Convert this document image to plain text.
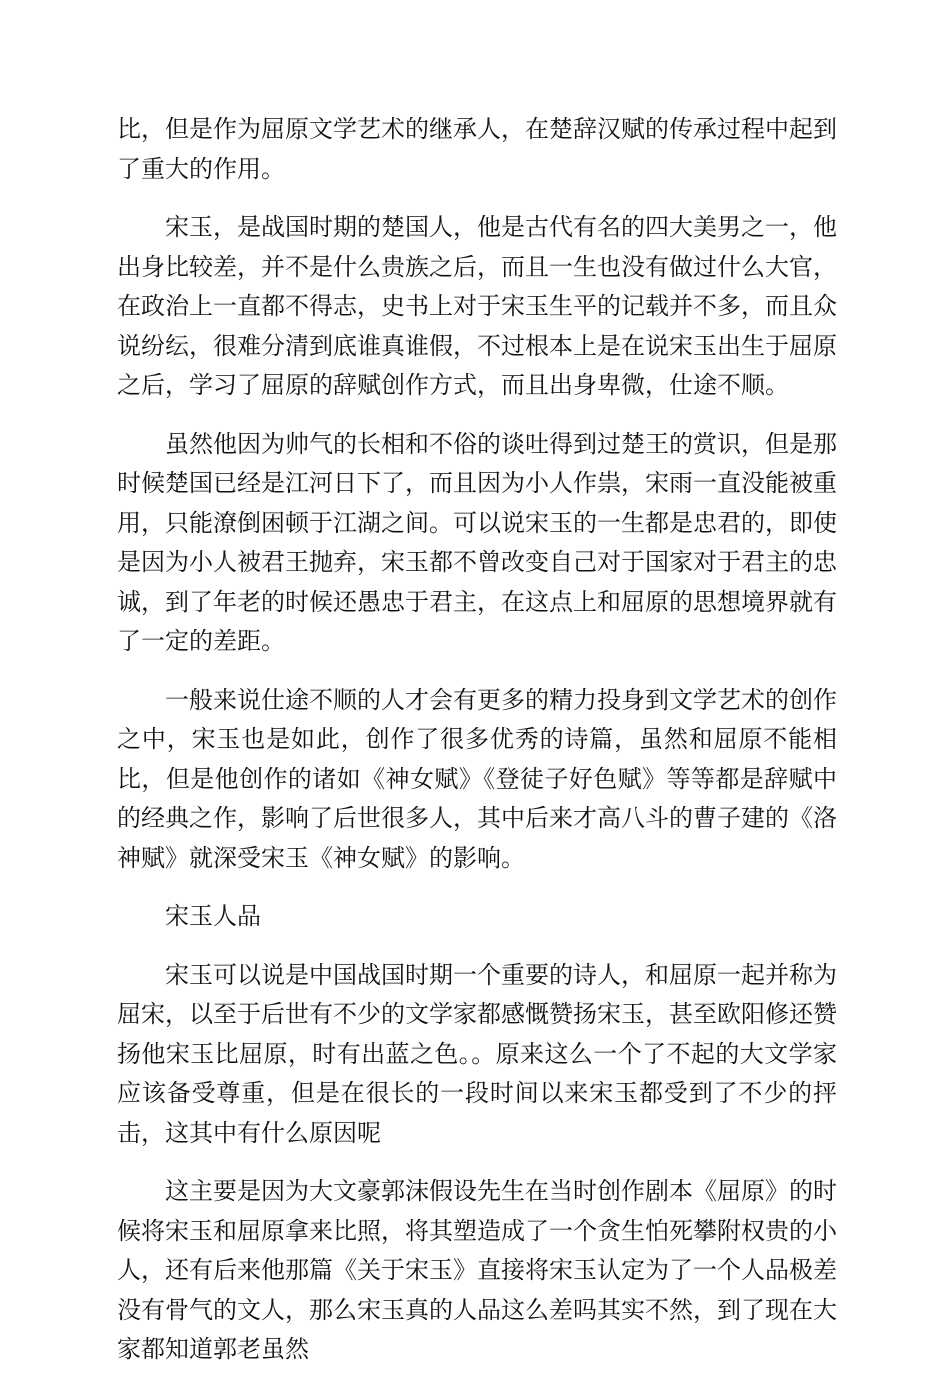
比，但是作为屈原文学艺术的继承人，在楚辞汉赋的传承过程中起到了重大的作用。

宋玉，是战国时期的楚国人，他是古代有名的四大美男之一，他出身比较差，并不是什么贵族之后，而且一生也没有做过什么大官，在政治上一直都不得志，史书上对于宋玉生平的记载并不多，而且众说纷纭，很难分清到底谁真谁假，不过根本上是在说宋玉出生于屈原之后，学习了屈原的辞赋创作方式，而且出身卑微，仕途不顺。

虽然他因为帅气的长相和不俗的谈吐得到过楚王的赏识，但是那时候楚国已经是江河日下了，而且因为小人作祟，宋雨一直没能被重用，只能潦倒困顿于江湖之间。可以说宋玉的一生都是忠君的，即使是因为小人被君王抛弃，宋玉都不曾改变自己对于国家对于君主的忠诚，到了年老的时候还愚忠于君主，在这点上和屈原的思想境界就有了一定的差距。

一般来说仕途不顺的人才会有更多的精力投身到文学艺术的创作之中，宋玉也是如此，创作了很多优秀的诗篇，虽然和屈原不能相比，但是他创作的诸如《神女赋》《登徒子好色赋》等等都是辞赋中的经典之作，影响了后世很多人，其中后来才高八斗的曹子建的《洛神赋》就深受宋玉《神女赋》的影响。

宋玉人品

宋玉可以说是中国战国时期一个重要的诗人，和屈原一起并称为屈宋，以至于后世有不少的文学家都感慨赞扬宋玉，甚至欧阳修还赞扬他宋玉比屈原，时有出蓝之色。。原来这么一个了不起的大文学家应该备受尊重，但是在很长的一段时间以来宋玉都受到了不少的抨击，这其中有什么原因呢

这主要是因为大文豪郭沫假设先生在当时创作剧本《屈原》的时候将宋玉和屈原拿来比照，将其塑造成了一个贪生怕死攀附权贵的小人，还有后来他那篇《关于宋玉》直接将宋玉认定为了一个人品极差没有骨气的文人，那么宋玉真的人品这么差吗其实不然，到了现在大家都知道郭老虽然
